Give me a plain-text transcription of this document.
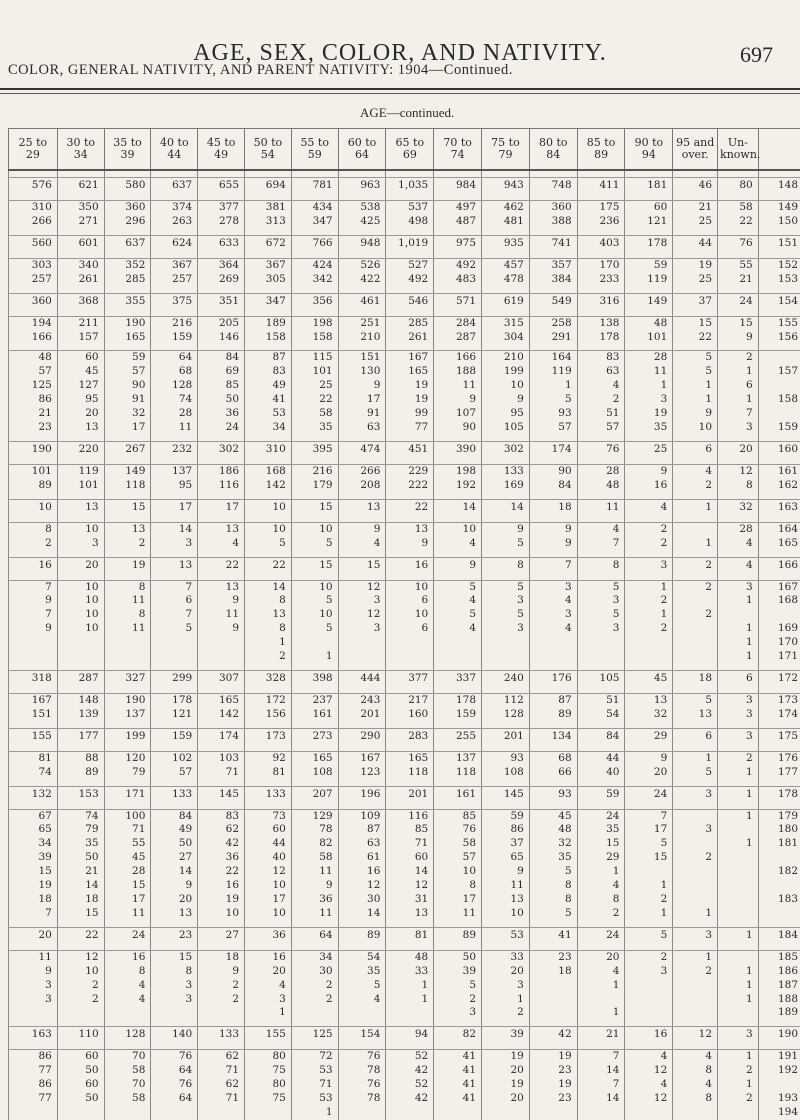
AGE, SEX, COLOR, AND NATIVITY.	697
COLOR, GENERAL NATIVITY, AND PARENT NATIVITY: 1904—Continued.
AGE—continued.
25 to 29	30 to 34	35 to 39	40 to 44	45 to 49	50 to 54	55 to 59	60 to 64	65 to 69	70 to 74	75 to 79	80 to 84	85 to 89	90 to 94	95 and over.	Un-known.	

576	621	580	637	655	694	781	963	1,035	984	943	748	411	181	46	80	148

310	350	360	374	377	381	434	538	537	497	462	360	175	60	21	58	149
266	271	296	263	278	313	347	425	498	487	481	388	236	121	25	22	150

560	601	637	624	633	672	766	948	1,019	975	935	741	403	178	44	76	151

303	340	352	367	364	367	424	526	527	492	457	357	170	59	19	55	152
257	261	285	257	269	305	342	422	492	483	478	384	233	119	25	21	153

360	368	355	375	351	347	356	461	546	571	619	549	316	149	37	24	154

194	211	190	216	205	189	198	251	285	284	315	258	138	48	15	15	155
166	157	165	159	146	158	158	210	261	287	304	291	178	101	22	9	156

48	60	59	64	84	87	115	151	167	166	210	164	83	28	5	2	
57	45	57	68	69	83	101	130	165	188	199	119	63	11	5	1	157
125	127	90	128	85	49	25	9	19	11	10	1	4	1	1	6	
86	95	91	74	50	41	22	17	19	9	9	5	2	3	1	1	158
21	20	32	28	36	53	58	91	99	107	95	93	51	19	9	7	
23	13	17	11	24	34	35	63	77	90	105	57	57	35	10	3	159

190	220	267	232	302	310	395	474	451	390	302	174	76	25	6	20	160

101	119	149	137	186	168	216	266	229	198	133	90	28	9	4	12	161
89	101	118	95	116	142	179	208	222	192	169	84	48	16	2	8	162

10	13	15	17	17	10	15	13	22	14	14	18	11	4	1	32	163

8	10	13	14	13	10	10	9	13	10	9	9	4	2		28	164
2	3	2	3	4	5	5	4	9	4	5	9	7	2	1	4	165

16	20	19	13	22	22	15	15	16	9	8	7	8	3	2	4	166

7	10	8	7	13	14	10	12	10	5	5	3	5	1	2	3	167
9	10	11	6	9	8	5	3	6	4	3	4	3	2		1	168
7	10	8	7	11	13	10	12	10	5	5	3	5	1	2		
9	10	11	5	9	8	5	3	6	4	3	4	3	2		1	169
					1										1	170
					2	1									1	171

318	287	327	299	307	328	398	444	377	337	240	176	105	45	18	6	172

167	148	190	178	165	172	237	243	217	178	112	87	51	13	5	3	173
151	139	137	121	142	156	161	201	160	159	128	89	54	32	13	3	174

155	177	199	159	174	173	273	290	283	255	201	134	84	29	6	3	175

81	88	120	102	103	92	165	167	165	137	93	68	44	9	1	2	176
74	89	79	57	71	81	108	123	118	118	108	66	40	20	5	1	177

132	153	171	133	145	133	207	196	201	161	145	93	59	24	3	1	178

67	74	100	84	83	73	129	109	116	85	59	45	24	7		1	179
65	79	71	49	62	60	78	87	85	76	86	48	35	17	3		180
34	35	55	50	42	44	82	63	71	58	37	32	15	5		1	181
39	50	45	27	36	40	58	61	60	57	65	35	29	15	2		
15	21	28	14	22	12	11	16	14	10	9	5	1				182
19	14	15	9	16	10	9	12	12	8	11	8	4	1			
18	18	17	20	19	17	36	30	31	17	13	8	8	2			183
7	15	11	13	10	10	11	14	13	11	10	5	2	1	1		

20	22	24	23	27	36	64	89	81	89	53	41	24	5	3	1	184

11	12	16	15	18	16	34	54	48	50	33	23	20	2	1		185
9	10	8	8	9	20	30	35	33	39	20	18	4	3	2	1	186
3	2	4	3	2	4	2	5	1	5	3		1			1	187
3	2	4	3	2	3	2	4	1	2	1					1	188
					1				3	2		1				189

163	110	128	140	133	155	125	154	94	82	39	42	21	16	12	3	190

86	60	70	76	62	80	72	76	52	41	19	19	7	4	4	1	191
77	50	58	64	71	75	53	78	42	41	20	23	14	12	8	2	192
86	60	70	76	62	80	71	76	52	41	19	19	7	4	4	1	
77	50	58	64	71	75	53	78	42	41	20	23	14	12	8	2	193
						1										194
